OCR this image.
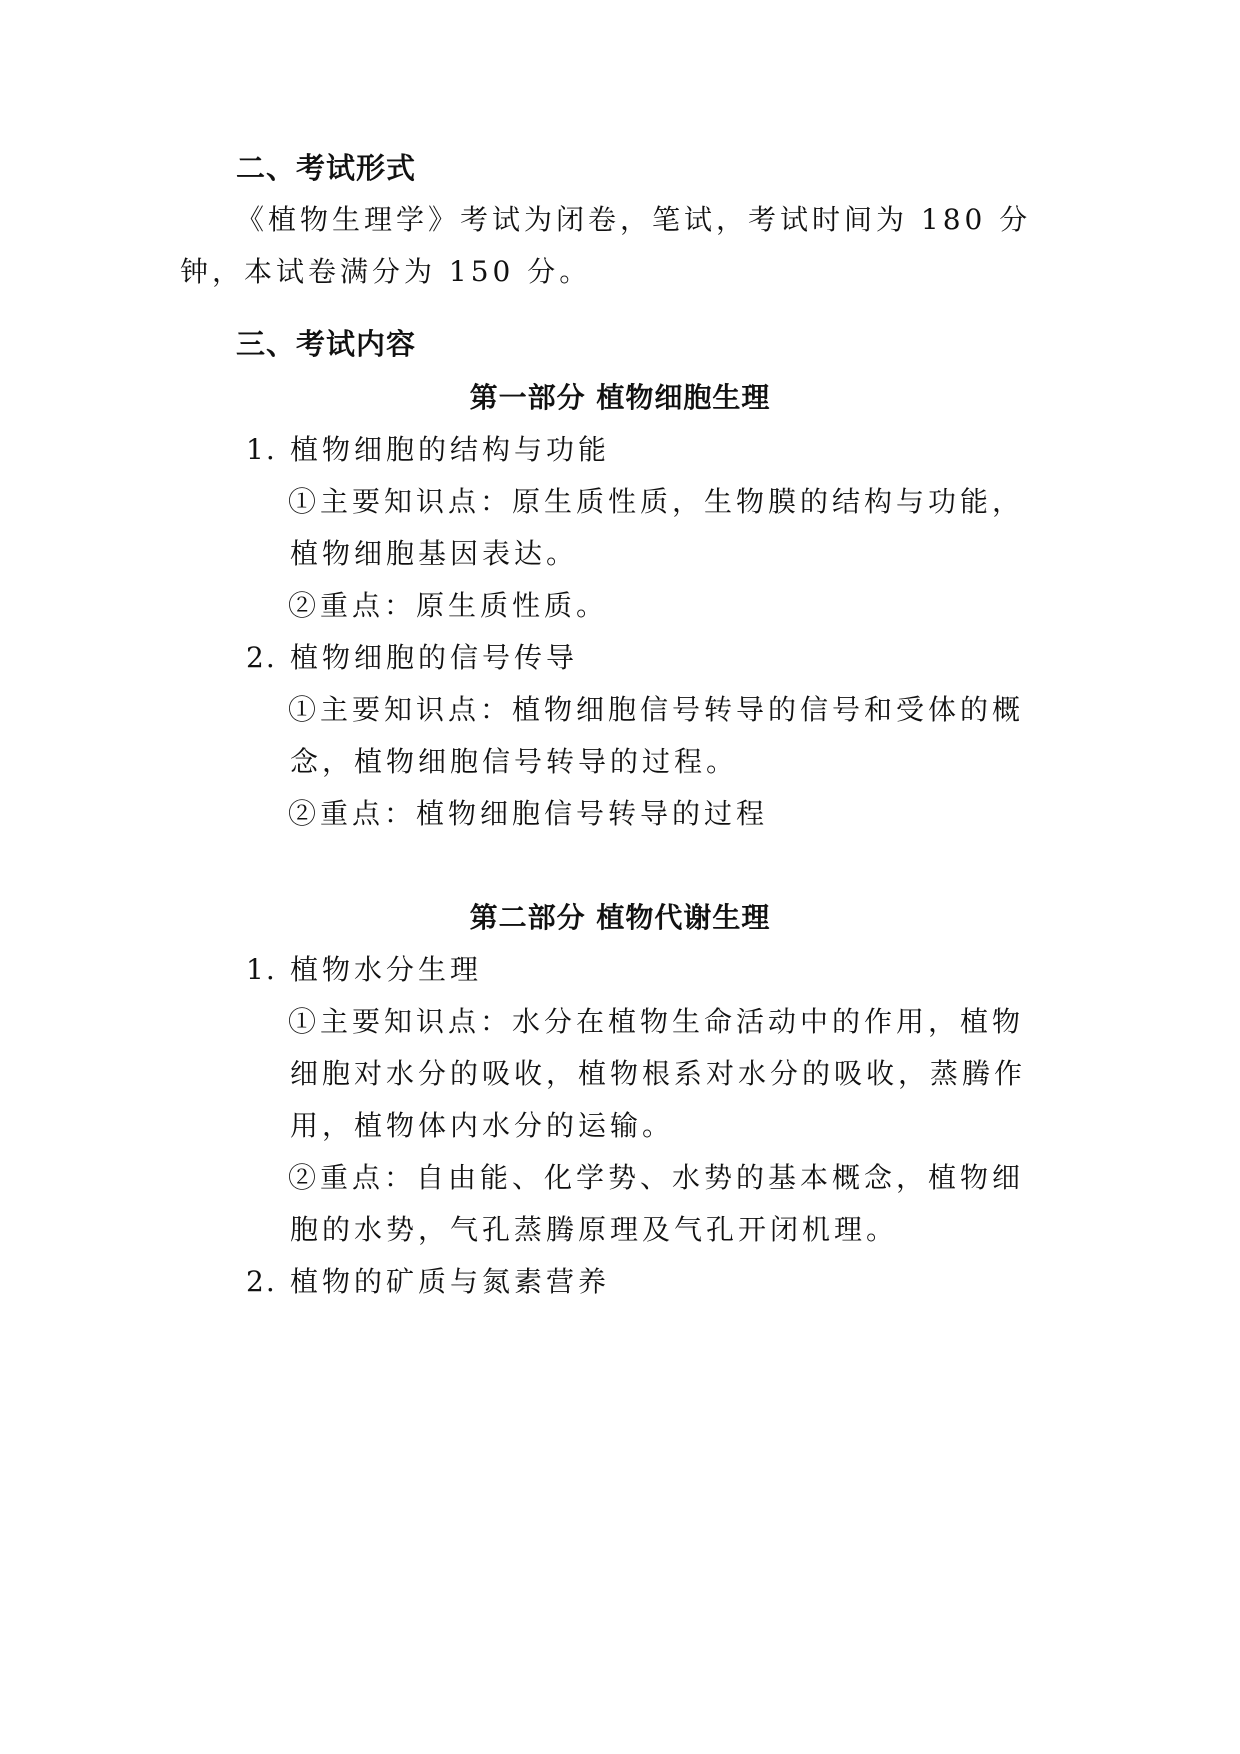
二、考试形式
《植物生理学》考试为闭卷，笔试，考试时间为 180 分
钟，本试卷满分为 150 分。
三、考试内容
第一部分 植物细胞生理
1. 植物细胞的结构与功能
①主要知识点：原生质性质，生物膜的结构与功能，
植物细胞基因表达。
②重点：原生质性质。
2. 植物细胞的信号传导
①主要知识点：植物细胞信号转导的信号和受体的概
念，植物细胞信号转导的过程。
②重点：植物细胞信号转导的过程
第二部分 植物代谢生理
1. 植物水分生理
①主要知识点：水分在植物生命活动中的作用，植物
细胞对水分的吸收，植物根系对水分的吸收，蒸腾作
用，植物体内水分的运输。
②重点：自由能、化学势、水势的基本概念，植物细
胞的水势，气孔蒸腾原理及气孔开闭机理。
2. 植物的矿质与氮素营养
